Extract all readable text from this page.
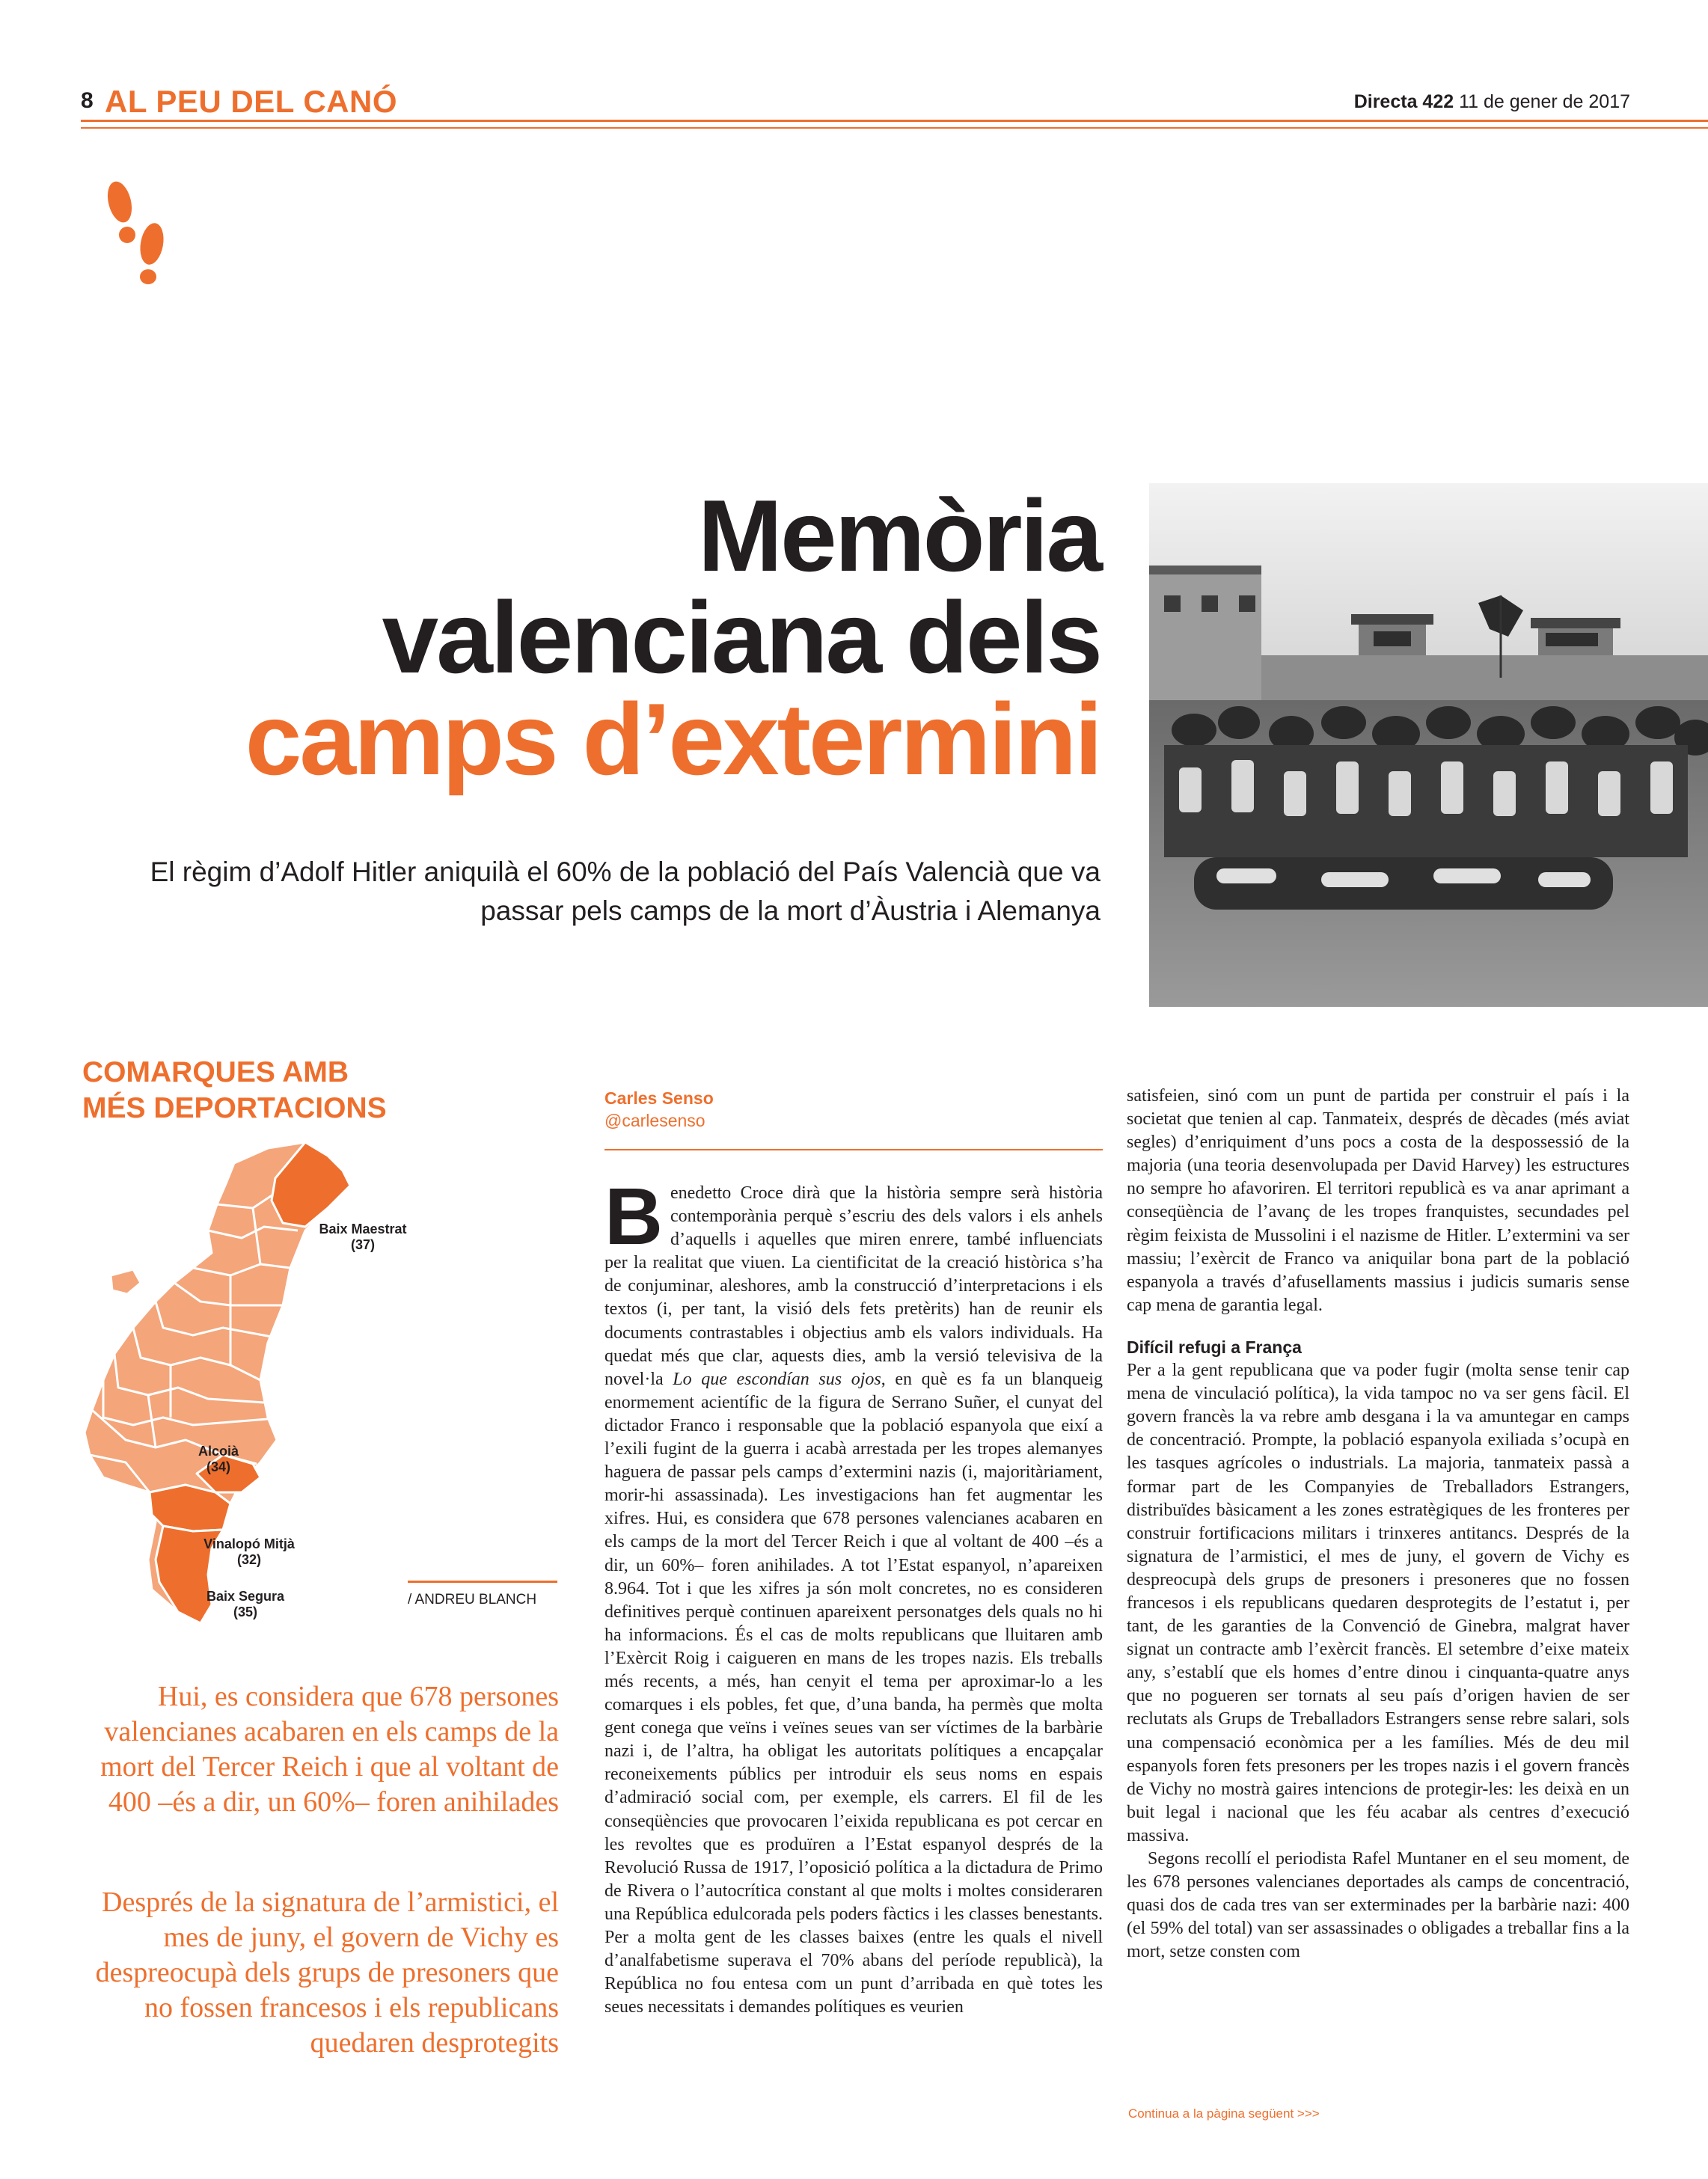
8 AL PEU DEL CANÓ	Directa 422 11 de gener de 2017
Memòria
valenciana dels
camps d’extermini
El règim d’Adolf Hitler aniquilà el 60% de la població del País Valencià que va passar pels camps de la mort d’Àustria i Alemanya
COMARQUES AMB
MÉS DEPORTACIONS
Baix Maestrat
(37)
Alcoià
(34)
Vinalopó Mitjà
(32)
Baix Segura
(35)
/ ANDREU BLANCH
Hui, es considera que 678 persones valencianes acabaren en els camps de la mort del Tercer Reich i que al voltant de 400 –és a dir, un 60%– foren anihilades
Després de la signatura de l’armistici, el mes de juny, el govern de Vichy es despreocupà dels grups de presoners que no fossen francesos i els republicans quedaren desprotegits
Carles Senso
@carlesenso

Benedetto Croce dirà que la història sempre serà història contemporània perquè s’escriu des dels valors i els anhels d’aquells i aquelles que miren enrere, també influenciats per la realitat que viuen. La cientificitat de la creació històrica s’ha de conjuminar, aleshores, amb la construcció d’interpretacions i els textos (i, per tant, la visió dels fets pretèrits) han de reunir els documents contrastables i objectius amb els valors individuals. Ha quedat més que clar, aquests dies, amb la versió televisiva de la novel·la Lo que escondían sus ojos, en què es fa un blanqueig enormement acientífic de la figura de Serrano Suñer, el cunyat del dictador Franco i responsable que la població espanyola que eixí a l’exili fugint de la guerra i acabà arrestada per les tropes alemanyes haguera de passar pels camps d’extermini nazis (i, majoritàriament, morir-hi assassinada). Les investigacions han fet augmentar les xifres. Hui, es considera que 678 persones valencianes acabaren en els camps de la mort del Tercer Reich i que al voltant de 400 –és a dir, un 60%– foren anihilades. A tot l’Estat espanyol, n’apareixen 8.964. Tot i que les xifres ja són molt concretes, no es consideren definitives perquè continuen apareixent personatges dels quals no hi ha informacions. És el cas de molts republicans que lluitaren amb l’Exèrcit Roig i caigueren en mans de les tropes nazis. Els treballs més recents, a més, han cenyit el tema per aproximar-lo a les comarques i els pobles, fet que, d’una banda, ha permès que molta gent conega que veïns i veïnes seues van ser víctimes de la barbàrie nazi i, de l’altra, ha obligat les autoritats polítiques a encapçalar reconeixements públics per introduir els seus noms en espais d’admiració social com, per exemple, els carrers. El fil de les conseqüències que provocaren l’eixida republicana es pot cercar en les revoltes que es produïren a l’Estat espanyol després de la Revolució Russa de 1917, l’oposició política a la dictadura de Primo de Rivera o l’autocrítica constant al que molts i moltes consideraren una República edulcorada pels poders fàctics i les classes benestants. Per a molta gent de les classes baixes (entre les quals el nivell d’analfabetisme superava el 70% abans del període republicà), la República no fou entesa com un punt d’arribada en què totes les seues necessitats i demandes polítiques es veurien

satisfeien, sinó com un punt de partida per construir el país i la societat que tenien al cap. Tanmateix, després de dècades (més aviat segles) d’enriquiment d’uns pocs a costa de la despossessió de la majoria (una teoria desenvolupada per David Harvey) les estructures no sempre ho afavoriren. El territori republicà es va anar aprimant a conseqüència de l’avanç de les tropes franquistes, secundades pel règim feixista de Mussolini i el nazisme de Hitler. L’extermini va ser massiu; l’exèrcit de Franco va aniquilar bona part de la població espanyola a través d’afusellaments massius i judicis sumaris sense cap mena de garantia legal.

Difícil refugi a França

Per a la gent republicana que va poder fugir (molta sense tenir cap mena de vinculació política), la vida tampoc no va ser gens fàcil. El govern francès la va rebre amb desgana i la va amuntegar en camps de concentració. Prompte, la població espanyola exiliada s’ocupà en les tasques agrícoles o industrials. La majoria, tanmateix passà a formar part de les Companyies de Treballadors Estrangers, distribuïdes bàsicament a les zones estratègiques de les fronteres per construir fortificacions militars i trinxeres antitancs. Després de la signatura de l’armistici, el mes de juny, el govern de Vichy es despreocupà dels grups de presoners i presoneres que no fossen francesos i els republicans quedaren desprotegits de l’estatut i, per tant, de les garanties de la Convenció de Ginebra, malgrat haver signat un contracte amb l’exèrcit francès. El setembre d’eixe mateix any, s’establí que els homes d’entre dinou i cinquanta-quatre anys que no pogueren ser tornats al seu país d’origen havien de ser reclutats als Grups de Treballadors Estrangers sense rebre salari, sols una compensació econòmica per a les famílies. Més de deu mil espanyols foren fets presoners per les tropes nazis i el govern francès de Vichy no mostrà gaires intencions de protegir-les: les deixà en un buit legal i nacional que les féu acabar als centres d’execució massiva.

Segons recollí el periodista Rafel Muntaner en el seu moment, de les 678 persones valencianes deportades als camps de concentració, quasi dos de cada tres van ser exterminades per la barbàrie nazi: 400 (el 59% del total) van ser assassinades o obligades a treballar fins a la mort, setze consten com

Continua a la pàgina següent >>>
